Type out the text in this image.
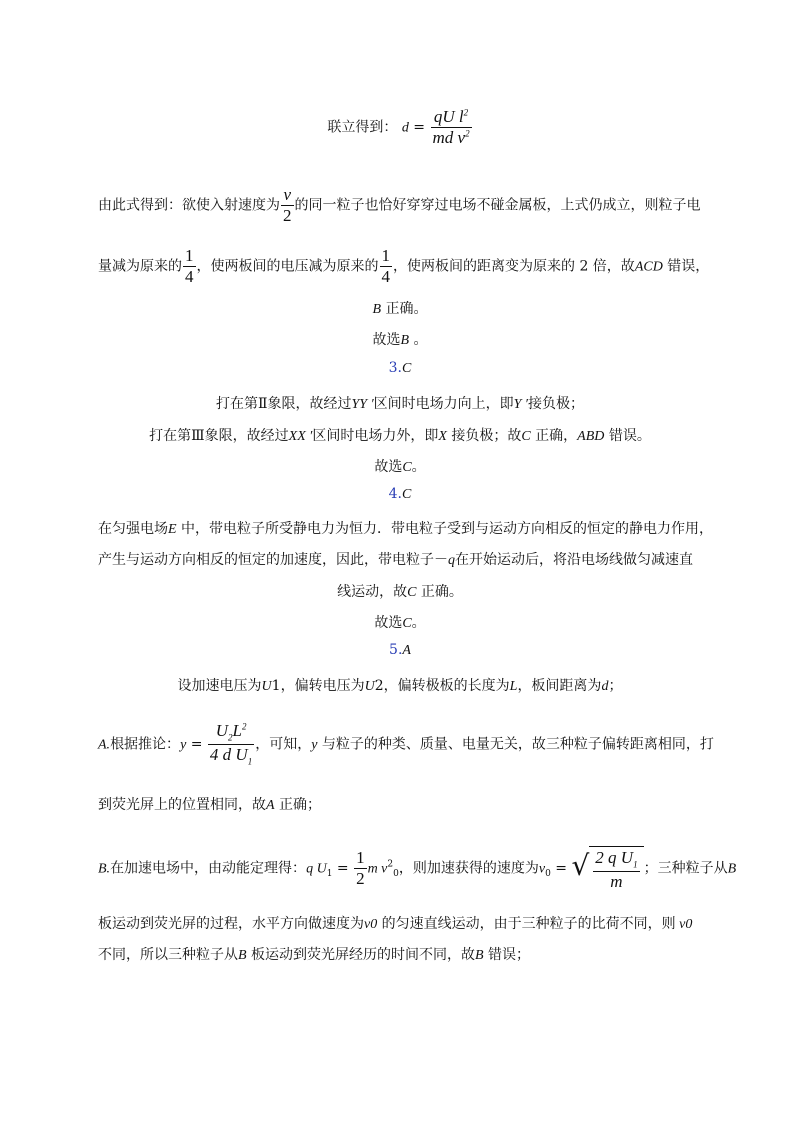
联立得到： $d = \frac{qU l^2}{md v^2}$
由此式得到：欲使入射速度为 $\frac{v}{2}$ 的同一粒子也恰好穿穿过电场不碰金属板，上式仍成立，则粒子电
量减为原来的 $\frac{1}{4}$ ，使两板间的电压减为原来的 $\frac{1}{4}$ ，使两板间的距离变为原来的 2 倍，故ACD 错误，
B 正确。
故选B 。
3.C
打在第Ⅱ象限，故经过YY ′区间时电场力向上，即Y ′接负极；
打在第Ⅲ象限，故经过XX ′区间时电场力外，即X 接负极；故C 正确，ABD 错误。
故选C。
4.C
在匀强电场E 中，带电粒子所受静电力为恒力．带电粒子受到与运动方向相反的恒定的静电力作用，
产生与运动方向相反的恒定的加速度，因此，带电粒子－q在开始运动后，将沿电场线做匀减速直
线运动，故C 正确。
故选C。
5.A
设加速电压为U1，偏转电压为U2，偏转极板的长度为L，板间距离为d；
A.根据推论：$y = \frac{U_2L^2}{4 d U_1}$ ，可知，y 与粒子的种类、质量、电量无关，故三种粒子偏转距离相同，打
到荧光屏上的位置相同，故A 正确；
B.在加速电场中，由动能定理得：q $U_1 = \frac{1}{2}$ m $v^2_0$，则加速获得的速度为$v_0$ = √ $\frac{2 q U_1}{m}$ ；三种粒子从B
板运动到荧光屏的过程，水平方向做速度为v0 的匀速直线运动，由于三种粒子的比荷不同，则 v0
不同，所以三种粒子从B 板运动到荧光屏经历的时间不同，故B 错误；
